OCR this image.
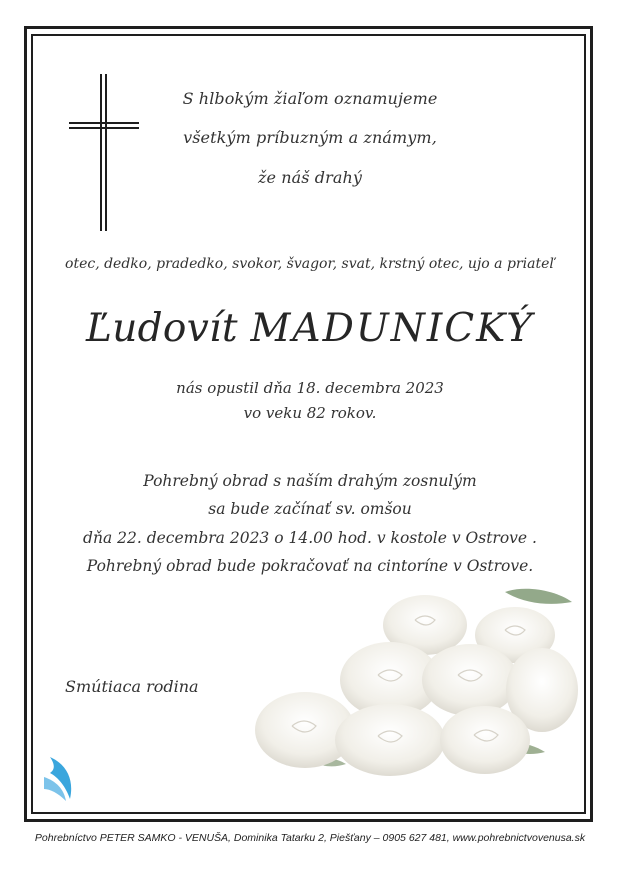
S hlbokým žiaľom oznamujeme
všetkým príbuzným a známym,
že náš drahý
otec, dedko, pradedko, svokor, švagor, svat, krstný otec, ujo a priateľ
Ľudovít MADUNICKÝ
nás opustil dňa 18. decembra 2023
vo veku 82 rokov.
Pohrebný obrad s naším drahým zosnulým
sa bude začínať sv. omšou
dňa 22. decembra 2023 o 14.00 hod. v kostole v Ostrove .
Pohrebný obrad bude pokračovať na cintoríne v Ostrove.
Smútiaca rodina
Pohrebníctvo PETER SAMKO - VENUŠA, Dominika Tatarku 2, Piešťany – 0905 627 481, www.pohrebnictvovenusa.sk
